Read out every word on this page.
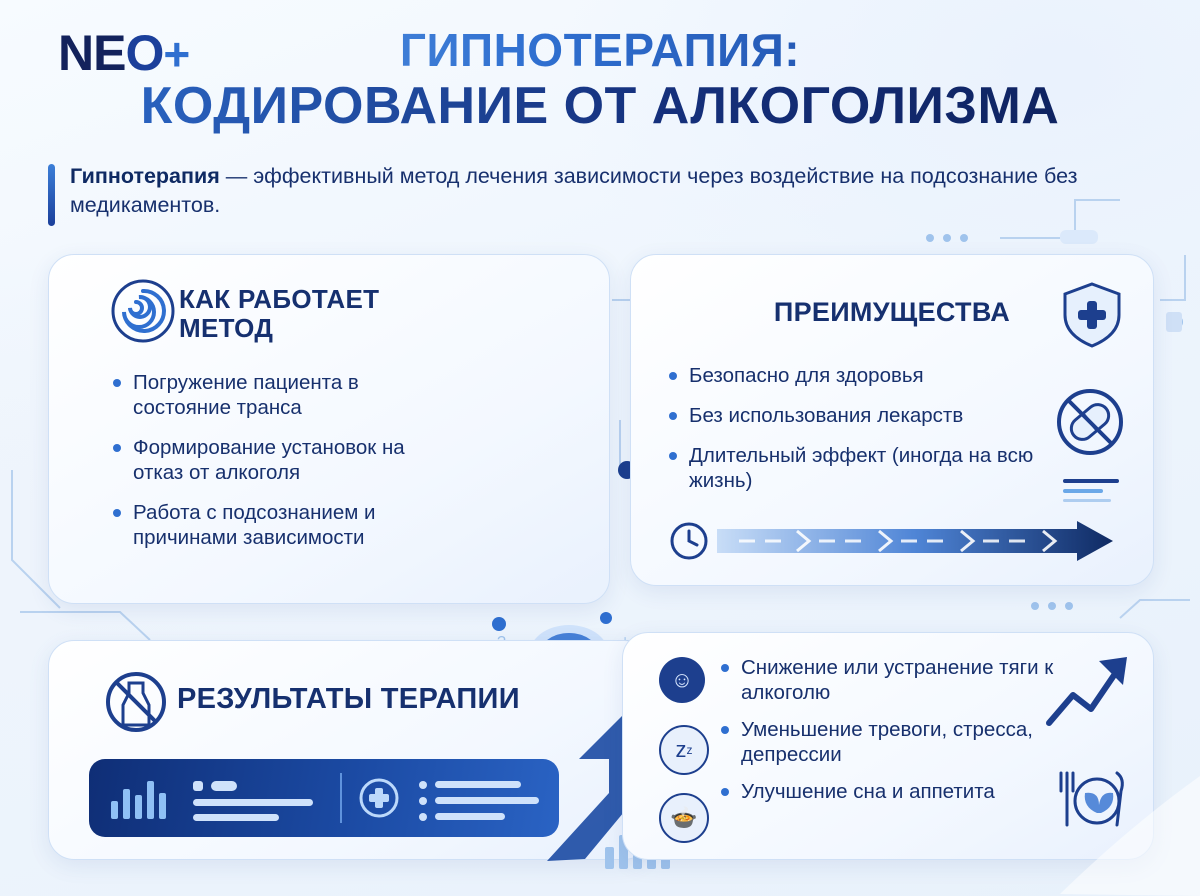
ГИПНОТЕРАПИЯ:
КОДИРОВАНИЕ ОТ АЛКОГОЛИЗМА
Гипнотерапия — эффективный метод лечения зависимости через воздействие на подсознание без медикаментов.
КАК РАБОТАЕТ МЕТОД
Погружение пациента в состояние транса
Формирование установок на отказ от алкоголя
Работа с подсознанием и причинами зависимости
ПРЕИМУЩЕСТВА
Безопасно для здоровья
Без использования лекарств
Длительный эффект (иногда на всю жизнь)
РЕЗУЛЬТАТЫ ТЕРАПИИ
☺
z z
🍲
Снижение или устранение тяги к алкоголю
Уменьшение тревоги, стресса, депрессии
Улучшение сна и аппетита
